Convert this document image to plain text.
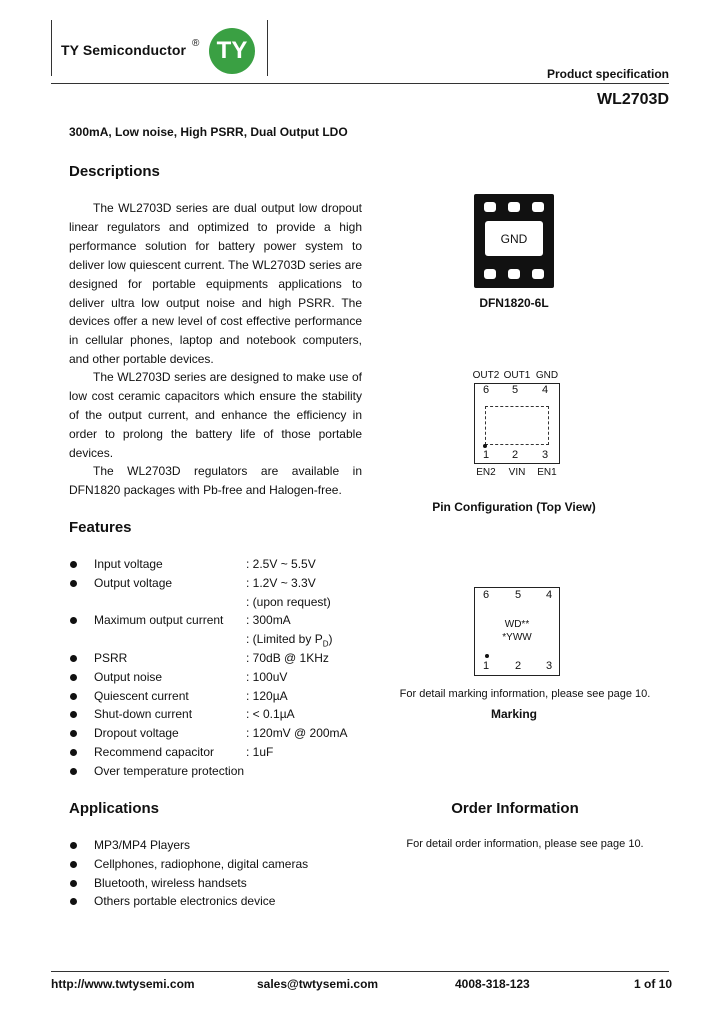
TY Semiconductor ® TY
Product specification
WL2703D
300mA, Low noise, High PSRR, Dual Output LDO
Descriptions

The WL2703D series are dual output low dropout linear regulators and optimized to provide a high performance solution for battery power system to deliver low quiescent current. The WL2703D series are designed for portable equipments applications to deliver ultra low output noise and high PSRR. The devices offer a new level of cost effective performance in cellular phones, laptop and notebook computers, and other portable devices.

The WL2703D series are designed to make use of low cost ceramic capacitors which ensure the stability of the output current, and enhance the efficiency in order to prolong the battery life of those portable devices.

The WL2703D regulators are available in DFN1820 packages with Pb-free and Halogen-free.

GND
DFN1820-6L
OUT2 OUT1 GND
6 5 4
1 2 3
EN2	VIN	EN1
Pin Configuration (Top View)
Features
Input voltage	: 2.5V ~ 5.5V
Output voltage	: 1.2V ~ 3.3V
: (upon request)
Maximum output current : 300mA
: (Limited by $P_D$)
PSRR	: 70dB @ 1KHz
Output noise	: 100uV
Quiescent current	: 120µA
Shut-down current	: < 0.1µA
Dropout voltage	: 120mV @ 200mA
Recommend capacitor	: 1uF
Over temperature protection
6 5 4
WD**
*YWW
1 2 3
For detail marking information, please see page 10.
Marking
Applications
MP3/MP4 Players
Cellphones, radiophone, digital cameras
Bluetooth, wireless handsets
Others portable electronics device
Order Information
For detail order information, please see page 10.
http://www.twtysemi.com	sales@twtysemi.com	4008-318-123	1 of 10
